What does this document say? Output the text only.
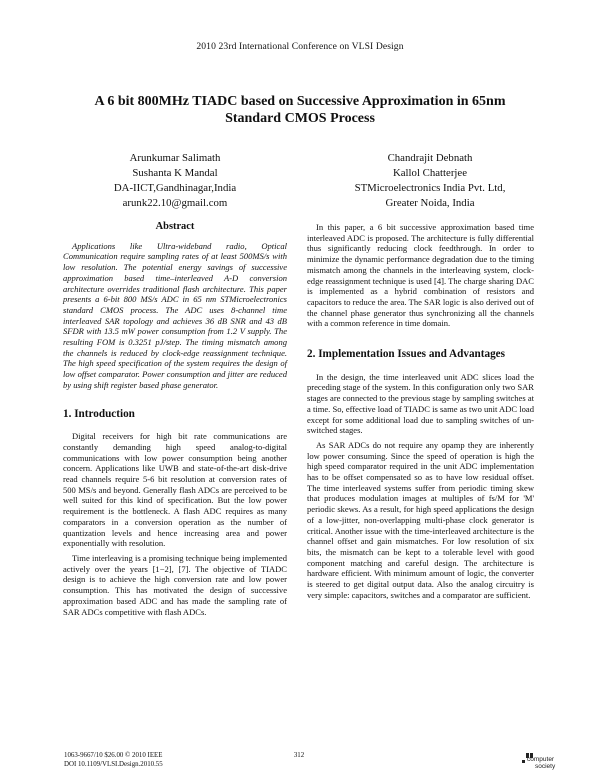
2010 23rd International Conference on VLSI Design
A 6 bit 800MHz TIADC based on Successive Approximation in 65nm
Standard CMOS Process
Arunkumar Salimath
Sushanta K Mandal
DA-IICT,Gandhinagar,India
arunk22.10@gmail.com
Chandrajit Debnath
Kallol Chatterjee
STMicroelectronics India Pvt. Ltd,
Greater Noida, India
Abstract

Applications like Ultra-wideband radio, Optical Communication require sampling rates of at least 500MS/s with low resolution. The potential energy savings of successive approximation based time–interleaved A-D conversion architecture overrides traditional flash architecture. This paper presents a 6-bit 800 MS/s ADC in 65 nm STMicroelectronics standard CMOS process. The ADC uses 8-channel time interleaved SAR topology and achieves 36 dB SNR and 43 dB SFDR with 13.5 mW power consumption from 1.2 V supply. The resulting FOM is 0.3251 pJ/step. The timing mismatch among the channels is reduced by clock-edge reassignment technique. The high speed specification of the system requires the design of low offset comparator. Power consumption and jitter are reduced by using shift register based phase generator.

1. Introduction

Digital receivers for high bit rate communications are constantly demanding high speed analog-to-digital communications with low power consumption being another concern. Applications like UWB and state-of-the-art disk-drive read channels require 5-6 bit resolution at conversion rates of 500 MS/s and beyond. Generally flash ADCs are perceived to be well suited for this kind of specification. But the low power requirement is the bottleneck. A flash ADC requires as many comparators in a conversion operation as the number of quantization levels and hence increasing area and power exponentially with resolution.

Time interleaving is a promising technique being implemented actively over the years [1−2], [7]. The objective of TIADC design is to achieve the high conversion rate and low power consumption. This has motivated the design of successive approximation based ADC and has made the sampling rate of SAR ADCs competitive with flash ADCs.

In this paper, a 6 bit successive approximation based time interleaved ADC is proposed. The architecture is fully differential thus significantly reducing clock feedthrough. In order to minimize the dynamic performance degradation due to the timing mismatch among the channels in the interleaving system, clock-edge reassignment technique is used [4]. The charge sharing DAC is implemented as a hybrid combination of resistors and capacitors to reduce the area. The SAR logic is also derived out of the channel phase generator thus synchronizing all the channels with a common reference in time domain.

2. Implementation Issues and Advantages

In the design, the time interleaved unit ADC slices load the preceding stage of the system. In this configuration only two SAR stages are connected to the previous stage by sampling switches at a time. So, effective load of TIADC is same as two unit ADC load except for some additional load due to sampling switches of un-switched stages.

As SAR ADCs do not require any opamp they are inherently low power consuming. Since the speed of operation is high the high speed comparator required in the unit ADC implementation has to be offset compensated so as to have low residual offset. The time interleaved systems suffer from periodic timing skew that produces modulation images at multiples of fs/M for 'M' periodic skews. As a result, for high speed applications the design of a low-jitter, non-overlapping multi-phase clock generator is critical. Another issue with the time-interleaved architecture is the channel offset and gain mismatches. For low resolution of six bits, the mismatch can be kept to a tolerable level with good component matching and careful design. The architecture is hardware efficient. With minimum amount of logic, the converter is steered to get digital output data. Also the analog circuitry is very simple: capacitors, switches and a comparator are sufficient.

1063-9667/10 $26.00 © 2010 IEEE
DOI 10.1109/VLSI.Design.2010.55
312
computer
society
